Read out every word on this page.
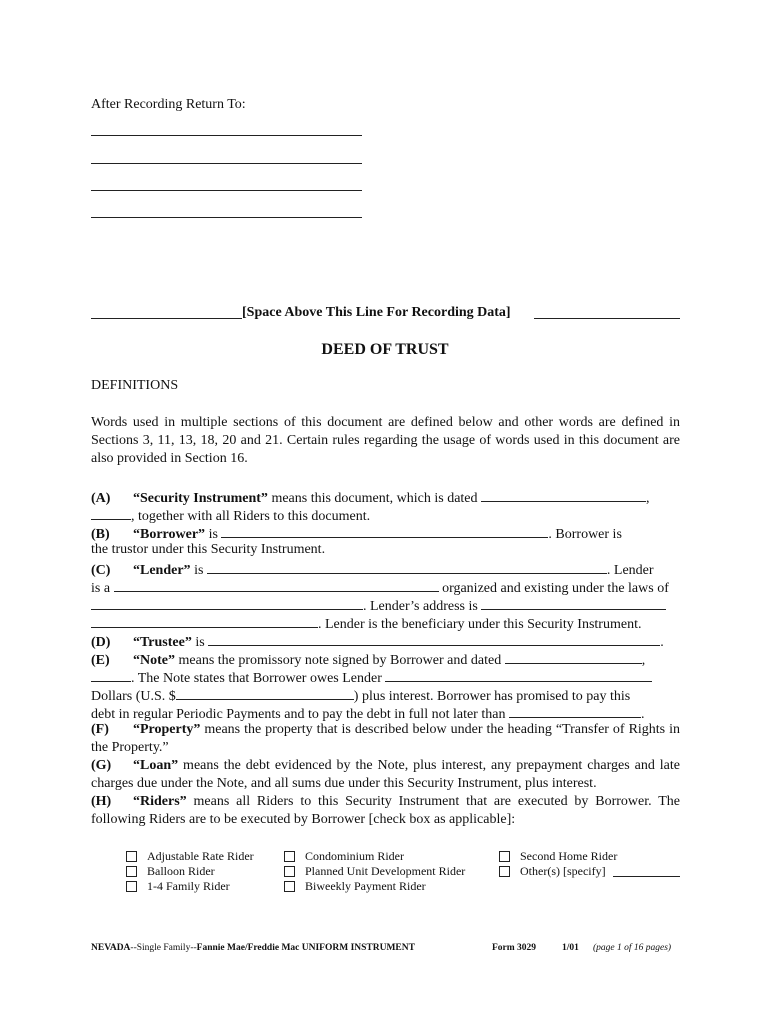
After Recording Return To:
[Space Above This Line For Recording Data]
DEED OF TRUST
DEFINITIONS
Words used in multiple sections of this document are defined below and other words are defined in Sections 3, 11, 13, 18, 20 and 21. Certain rules regarding the usage of words used in this document are also provided in Section 16.
(A) “Security Instrument” means this document, which is dated	,
, together with all Riders to this document.
(B) “Borrower” is	. Borrower is
the trustor under this Security Instrument.
(C) “Lender” is	. Lender
is a	organized and existing under the laws of
. Lender’s address is
. Lender is the beneficiary under this Security Instrument.
(D) “Trustee” is	.
(E) “Note” means the promissory note signed by Borrower and dated	,
. The Note states that Borrower owes Lender
Dollars (U.S. $	) plus interest. Borrower has promised to pay this
debt in regular Periodic Payments and to pay the debt in full not later than	.
(F) “Property” means the property that is described below under the heading “Transfer of Rights in the Property.”
(G) “Loan” means the debt evidenced by the Note, plus interest, any prepayment charges and late charges due under the Note, and all sums due under this Security Instrument, plus interest.
(H) “Riders” means all Riders to this Security Instrument that are executed by Borrower. The following Riders are to be executed by Borrower [check box as applicable]:
Adjustable Rate Rider
Balloon Rider
1-4 Family Rider
Condominium Rider
Planned Unit Development Rider
Biweekly Payment Rider
Second Home Rider
Other(s) [specify]
NEVADA--Single Family--Fannie Mae/Freddie Mac UNIFORM INSTRUMENT	Form 3029	1/01 (page 1 of 16 pages)
